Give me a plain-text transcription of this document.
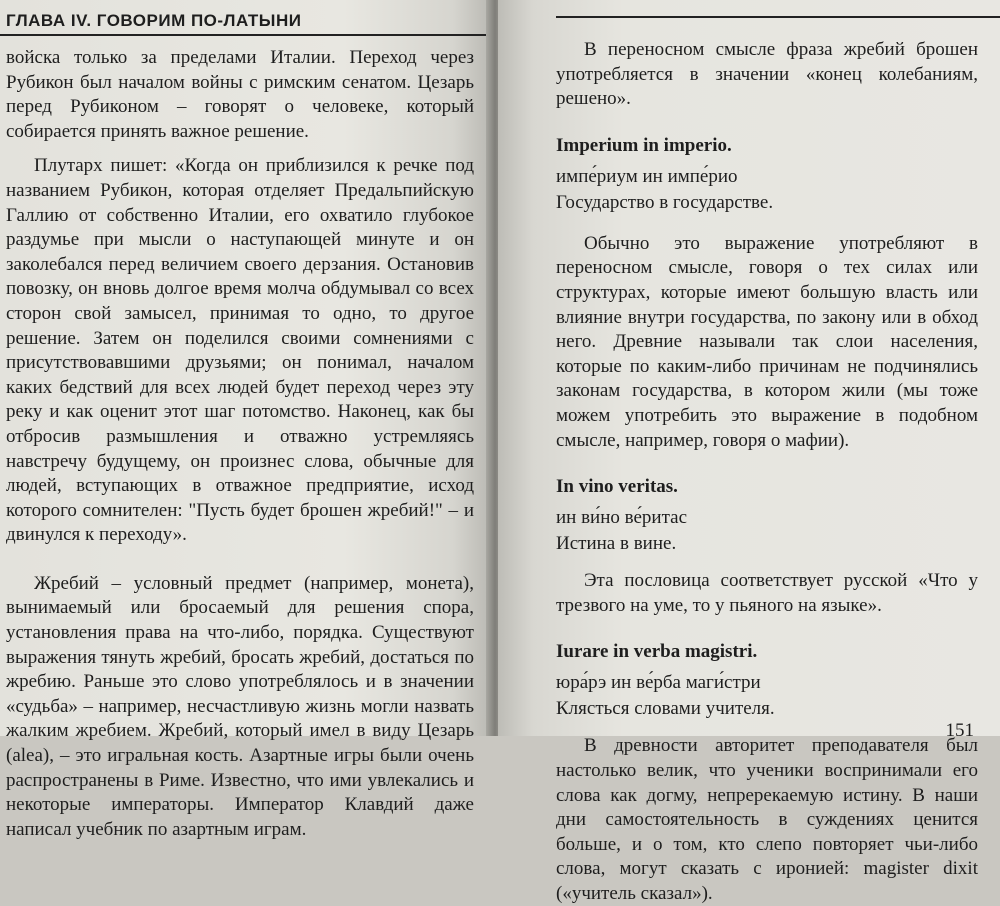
ГЛАВА IV. ГОВОРИМ ПО-ЛАТЫНИ

войска только за пределами Италии. Переход через Рубикон был началом войны с римским сенатом. Цезарь перед Рубиконом – говорят о человеке, который собирается принять важное решение.

Плутарх пишет: «Когда он приблизился к речке под названием Рубикон, которая отделяет Предальпийскую Галлию от собственно Италии, его охватило глубокое раздумье при мысли о наступающей минуте и он заколебался перед величием своего дерзания. Остановив повозку, он вновь долгое время молча обдумывал со всех сторон свой замысел, принимая то одно, то другое решение. Затем он поделился своими сомнениями с присутствовавшими друзьями; он понимал, началом каких бедствий для всех людей будет переход через эту реку и как оценит этот шаг потомство. Наконец, как бы отбросив размышления и отважно устремляясь навстречу будущему, он произнес слова, обычные для людей, вступающих в отважное предприятие, исход которого сомнителен: "Пусть будет брошен жребий!" – и двинулся к переходу».

Жребий – условный предмет (например, монета), вынимаемый или бросаемый для решения спора, установления права на что-либо, порядка. Существуют выражения тянуть жребий, бросать жребий, достаться по жребию. Раньше это слово употреблялось и в значении «судьба» – например, несчастливую жизнь могли назвать жалким жребием. Жребий, который имел в виду Цезарь (alea), – это игральная кость. Азартные игры были очень распространены в Риме. Известно, что ими увлекались и некоторые императоры. Император Клавдий даже написал учебник по азартным играм.

В переносном смысле фраза жребий брошен употребляется в значении «конец колебаниям, решено».

Imperium in imperio.

импе́риум ин импе́рио

Государство в государстве.

Обычно это выражение употребляют в переносном смысле, говоря о тех силах или структурах, которые имеют большую власть или влияние внутри государства, по закону или в обход него. Древние называли так слои населения, которые по каким-либо причинам не подчинялись законам государства, в котором жили (мы тоже можем употребить это выражение в подобном смысле, например, говоря о мафии).

In vino veritas.

ин ви́но ве́ритас

Истина в вине.

Эта пословица соответствует русской «Что у трезвого на уме, то у пьяного на языке».

Iurare in verba magistri.

юра́рэ ин ве́рба маги́стри

Клясться словами учителя.

В древности авторитет преподавателя был настолько велик, что ученики воспринимали его слова как догму, непререкаемую истину. В наши дни самостоятельность в суждениях ценится больше, и о том, кто слепо повторяет чьи-либо слова, могут сказать с иронией: magister dixit («учитель сказал»).

151
